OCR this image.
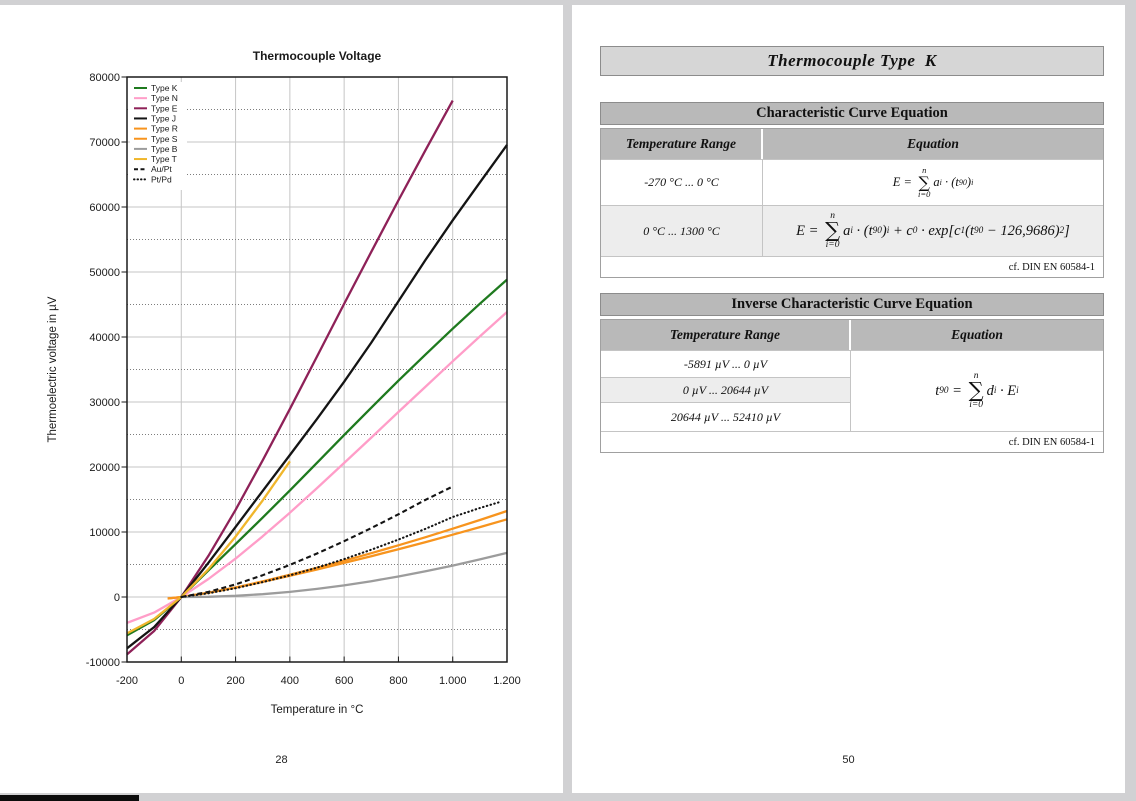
Type K
Type N
Type E
Type J
Type R
Type S
Type B
Type T
Au/Pt
Pt/Pd
-200	0	200	400	600	800	1.000 1.200
-10000
0
10000
20000
30000
40000
50000
60000
70000
80000
Thermocouple Voltage
Temperature in °C
Thermoelectric voltage in µV
28
Thermocouple Type  K
Characteristic Curve Equation
Temperature Range	Equation
-270 °C ... 0 °C	E =
n
∑
i=0
a i · (t 90 ) i
0 °C ... 1300 °C	E =
n
∑
i=0
a i · (t 90 ) i + c 0 · exp[ c 1 (t 90 − 126,9686) 2 ]
cf. DIN EN 60584-1
Inverse Characteristic Curve Equation
Temperature Range	Equation
-5891 µV ... 0 µV
0 µV ... 20644 µV
20644 µV ... 52410 µV
t 90 =
n
∑
i=0
d i · E i
cf. DIN EN 60584-1
50
